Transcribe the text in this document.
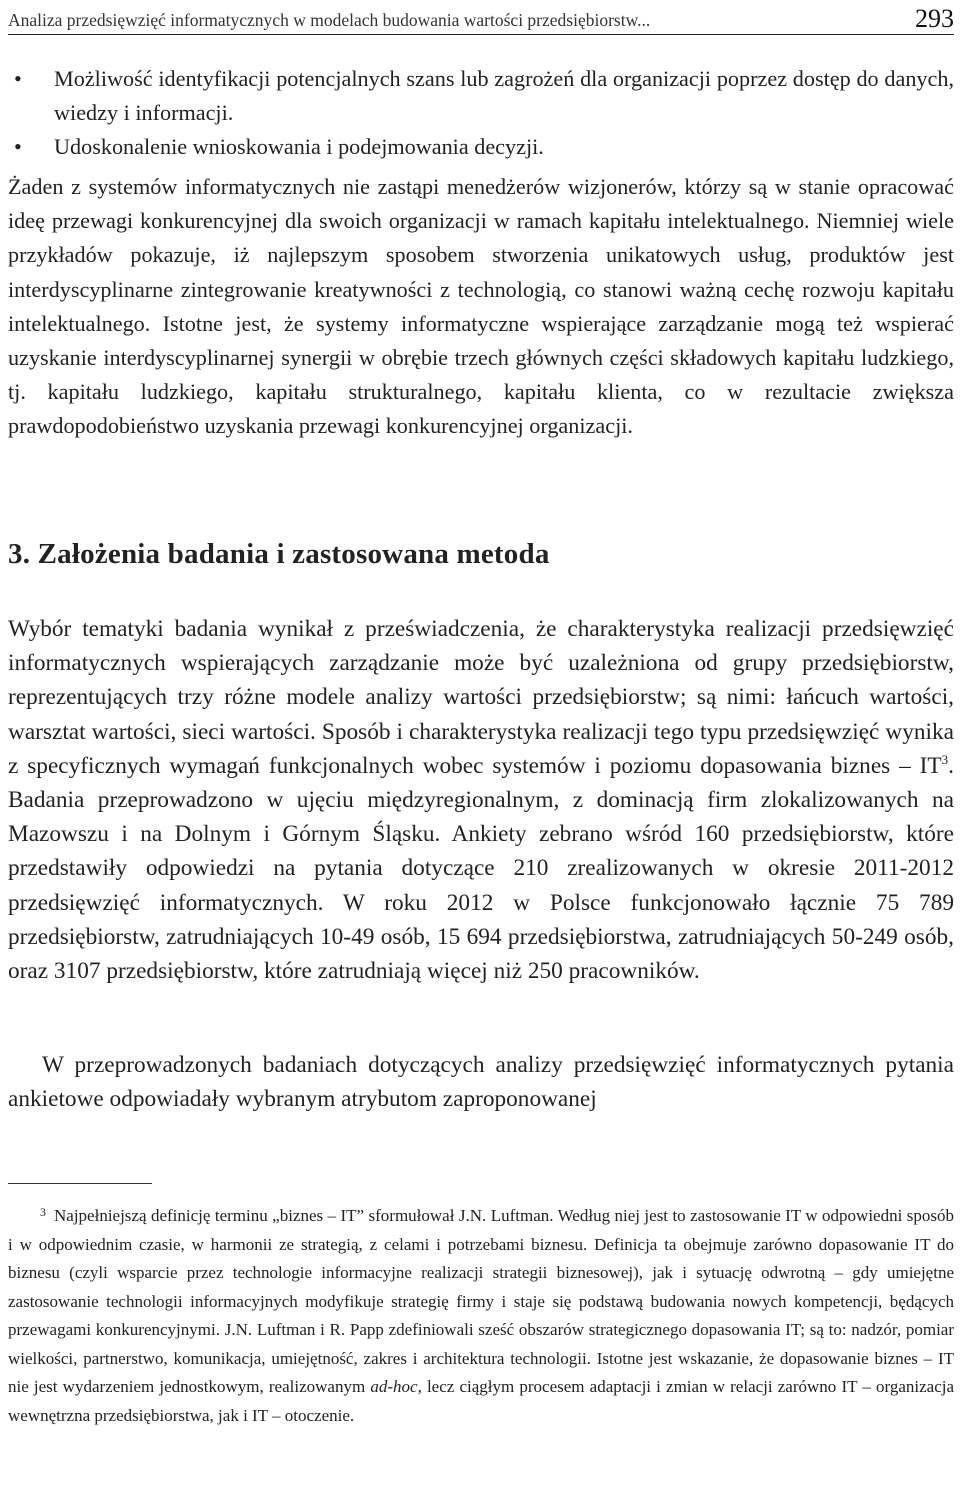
Analiza przedsięwzięć informatycznych w modelach budowania wartości przedsiębiorstw...	293
• Możliwość identyfikacji potencjalnych szans lub zagrożeń dla organizacji poprzez dostęp do danych, wiedzy i informacji.
• Udoskonalenie wnioskowania i podejmowania decyzji.

Żaden z systemów informatycznych nie zastąpi menedżerów wizjonerów, którzy są w stanie opracować ideę przewagi konkurencyjnej dla swoich organizacji w ramach kapitału intelektualnego. Niemniej wiele przykładów pokazuje, iż najlepszym sposobem stworzenia unikatowych usług, produktów jest interdyscyplinarne zintegrowanie kreatywności z technologią, co stanowi ważną cechę rozwoju kapitału intelektualnego. Istotne jest, że systemy informatyczne wspierające zarządzanie mogą też wspierać uzyskanie interdyscyplinarnej synergii w obrębie trzech głównych części składowych kapitału ludzkiego, tj. kapitału ludzkiego, kapitału strukturalnego, kapitału klienta, co w rezultacie zwiększa prawdopodobieństwo uzyskania przewagi konkurencyjnej organizacji.

3. Założenia badania i zastosowana metoda

Wybór tematyki badania wynikał z przeświadczenia, że charakterystyka realizacji przedsięwzięć informatycznych wspierających zarządzanie może być uzależniona od grupy przedsiębiorstw, reprezentujących trzy różne modele analizy wartości przedsiębiorstw; są nimi: łańcuch wartości, warsztat wartości, sieci wartości. Sposób i charakterystyka realizacji tego typu przedsięwzięć wynika z specyficznych wymagań funkcjonalnych wobec systemów i poziomu dopasowania biznes – IT$^3$. Badania przeprowadzono w ujęciu międzyregionalnym, z dominacją firm zlokalizowanych na Mazowszu i na Dolnym i Górnym Śląsku. Ankiety zebrano wśród 160 przedsiębiorstw, które przedstawiły odpowiedzi na pytania dotyczące 210 zrealizowanych w okresie 2011-2012 przedsięwzięć informatycznych. W roku 2012 w Polsce funkcjonowało łącznie 75 789 przedsiębiorstw, zatrudniających 10-49 osób, 15 694 przedsiębiorstwa, zatrudniających 50-249 osób, oraz 3107 przedsiębiorstw, które zatrudniają więcej niż 250 pracowników.

W przeprowadzonych badaniach dotyczących analizy przedsięwzięć informatycznych pytania ankietowe odpowiadały wybranym atrybutom zaproponowanej

$^3$ Najpełniejszą definicję terminu „biznes – IT” sformułował J.N. Luftman. Według niej jest to zastosowanie IT w odpowiedni sposób i w odpowiednim czasie, w harmonii ze strategią, z celami i potrzebami biznesu. Definicja ta obejmuje zarówno dopasowanie IT do biznesu (czyli wsparcie przez technologie informacyjne realizacji strategii biznesowej), jak i sytuację odwrotną – gdy umiejętne zastosowanie technologii informacyjnych modyfikuje strategię firmy i staje się podstawą budowania nowych kompetencji, będących przewagami konkurencyjnymi. J.N. Luftman i R. Papp zdefiniowali sześć obszarów strategicznego dopasowania IT; są to: nadzór, pomiar wielkości, partnerstwo, komunikacja, umiejętność, zakres i architektura technologii. Istotne jest wskazanie, że dopasowanie biznes – IT nie jest wydarzeniem jednostkowym, realizowanym ad-hoc, lecz ciągłym procesem adaptacji i zmian w relacji zarówno IT – organizacja wewnętrzna przedsiębiorstwa, jak i IT – otoczenie.
